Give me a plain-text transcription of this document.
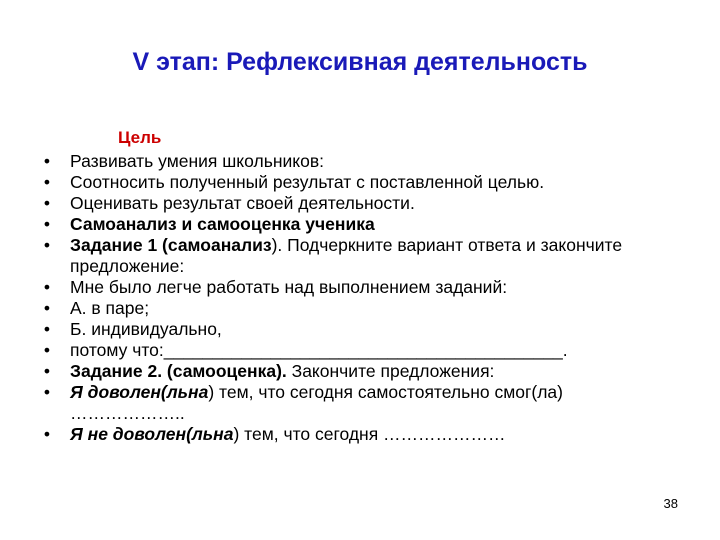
V этап: Рефлексивная деятельность
Цель
• Развивать умения школьников:
• Соотносить полученный результат с поставленной целью.
• Оценивать результат своей деятельности.
• Самоанализ и самооценка ученика
• Задание 1 (самоанализ). Подчеркните вариант ответа и закончите предложение:
• Мне было легче работать над выполнением заданий:
• А. в паре;
• Б. индивидуально,
• потому что:_________________________________________.
• Задание 2. (самооценка). Закончите предложения:
• Я доволен(льна) тем, что сегодня самостоятельно смог(ла) ………………..
• Я не доволен(льна) тем, что сегодня …………………
38
